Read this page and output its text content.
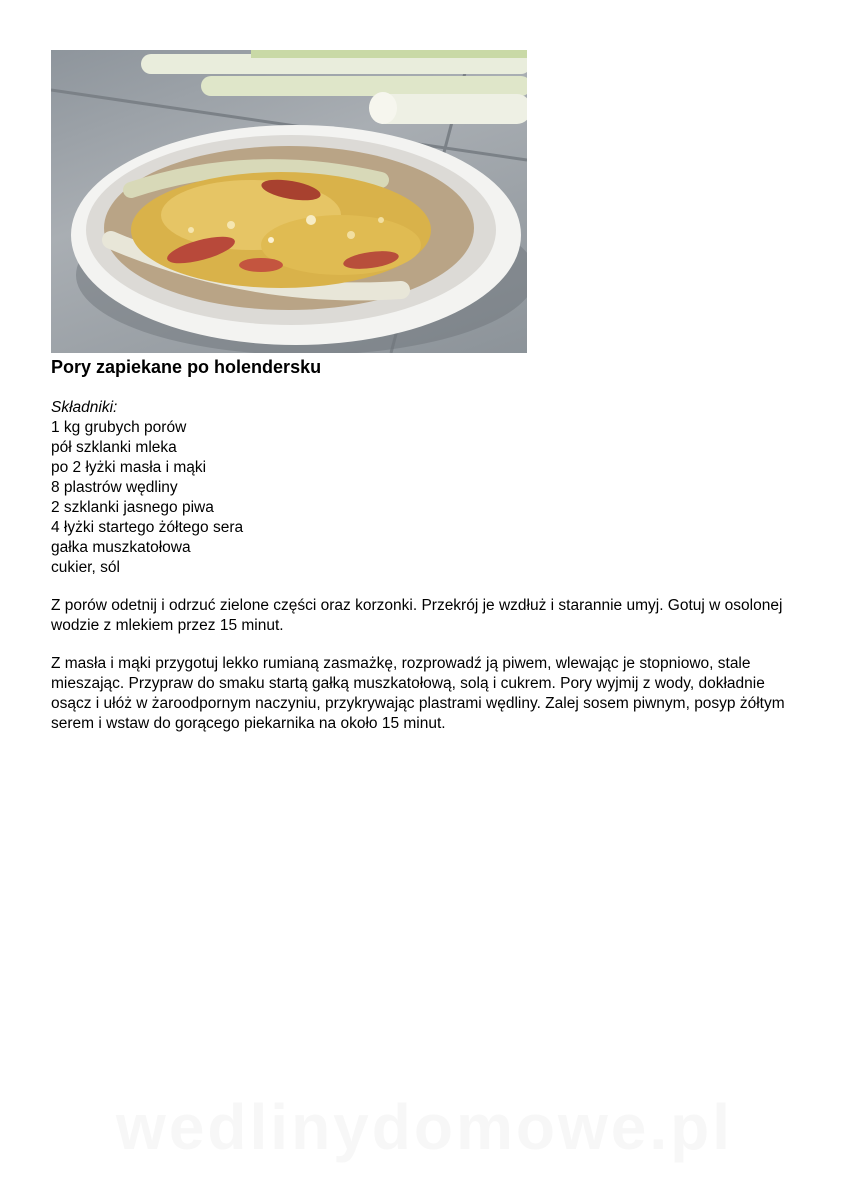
Pory zapiekane po holendersku
Składniki:
1 kg grubych porów
pół szklanki mleka
po 2 łyżki masła i mąki
8 plastrów wędliny
2 szklanki jasnego piwa
4 łyżki startego żółtego sera
gałka muszkatołowa
cukier, sól

Z porów odetnij i odrzuć zielone części oraz korzonki. Przekrój je wzdłuż i starannie umyj. Gotuj w osolonej wodzie z mlekiem przez 15 minut.

Z masła i mąki przygotuj lekko rumianą zasmażkę, rozprowadź ją piwem, wlewając je stopniowo, stale mieszając. Przypraw do smaku startą gałką muszkatołową, solą i cukrem. Pory wyjmij z wody, dokładnie osącz i ułóż w żaroodpornym naczyniu, przykrywając plastrami wędliny. Zalej sosem piwnym, posyp żółtym serem i wstaw do gorącego piekarnika na około 15 minut.

wedlinydomowe.pl
